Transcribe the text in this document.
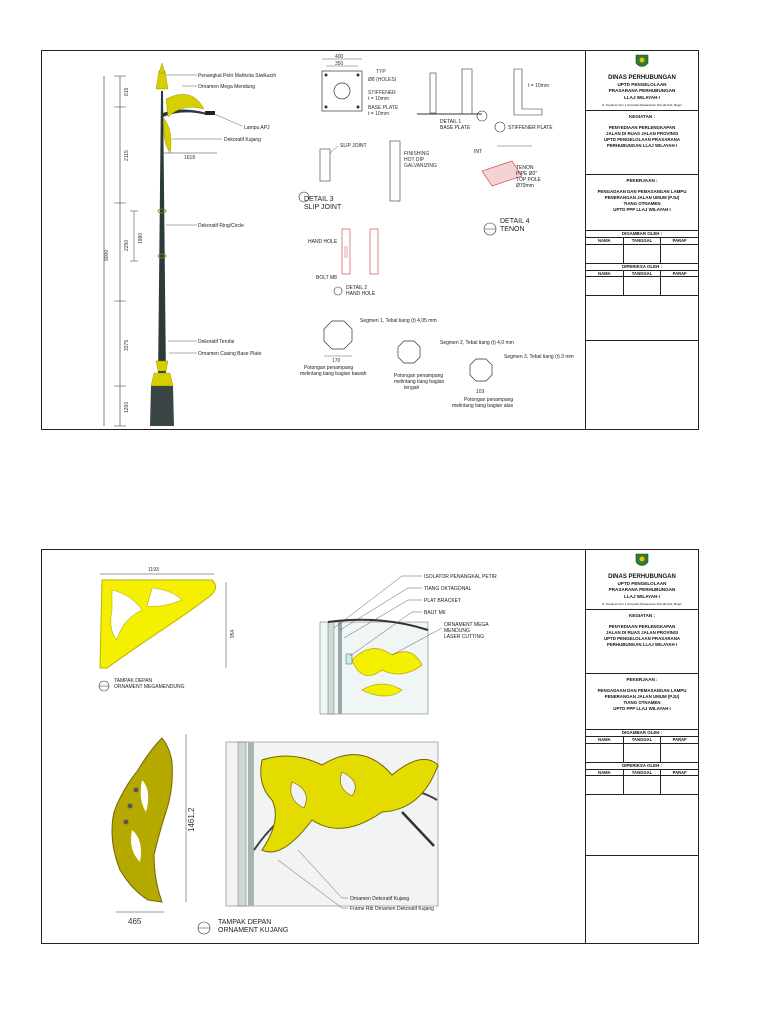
815
2115
2250
1980
9000
3375
1260
1618
Penangkal Petir Mahkota Siwikacih
Ornamen Mega Mendung
Lampu APJ
Dekoratif Kujang
Dekoratif Ring/Circle
Dekoratif Terufai
Ornamen Casing Base Plate
400
350
Ø8 (HOLES)
STIFFENER
t = 10mm
BASE PLATE
t = 10mm
TYP
DETAIL 1
BASE PLATE
t = 10mm
STIFFENER PLATE
SLIP JOINT
FINISHING
HOT DIP
GALVANIZING
DETAIL 3
SLIP JOINT
INT
TENON
PIPE Ø2"
TOP POLE
Ø70mm
DETAIL 4
TENON
HAND HOLE
BOLT M8
DETAIL 2
HAND HOLE
Segmen 1, Tebal tiang (t) 4,05 mm
170
Potongan penampang
melintang tiang bagian bawah
Segmen 2, Tebal tiang (t) 4,0 mm
Potongan penampang
melintang tiang bagian
tengah
Segmen 3, Tebal tiang (t) 3 mm
103
Potongan penampang
melintang tiang bagian atas
DINAS PERHUBUNGAN
UPTD PENGELOLAAN
PRASARANA PERHUBUNGAN
LLAJ WILAYAH I
Jl. Soydman Km 1 Komplek Perkantoran Pemda Kab. Bogor
KEGIATAN :
PENYEDIAAN PERLENGKAPAN
JALAN DI RUAS JALAN PROVINSI
UPTD PENGELOLAAN PRASARANA
PERHUBUNGAN LLAJ WILAYAH I
PEKERJAAN :
PENGADAAN DAN PEMASANGAN LAMPU
PENERANGAN JALAN UMUM (PJU)
TIANG OTNAMEN
UPTD PPP LLAJ WILAYAH I
DIGAMBAR OLEH :
NAMA	TANGGAL	PARAF
DIPERIKSA OLEH :
NAMA	TANGGAL	PARAF
1193
954
TAMPAK DEPAN
ORNAMENT MEGAMENDUNG
ISOLATOR PENANGKAL PETIR
TIANG OKTAGONAL
PLAT BRACKET
BAUT M6
ORNAMENT MEGA
MENDUNG
LASER CUTTING
1461,2
465
Ornamen Dekoratif Kujang
Frame Rib Ornamen Dekoratif Kujang
TAMPAK DEPAN
ORNAMENT KUJANG
DINAS PERHUBUNGAN
UPTD PENGELOLAAN
PRASARANA PERHUBUNGAN
LLAJ WILAYAH I
Jl. Soydman Km 1 Komplek Perkantoran Pemda Kab. Bogor
KEGIATAN :
PENYEDIAAN PERLENGKAPAN
JALAN DI RUAS JALAN PROVINSI
UPTD PENGELOLAAN PRASARANA
PERHUBUNGAN LLAJ WILAYAH I
PEKERJAAN :
PENGADAAN DAN PEMASANGAN LAMPU
PENERANGAN JALAN UMUM (PJU)
TIANG OTNAMEN
UPTD PPP LLAJ WILAYAH I
DIGAMBAR OLEH :
NAMA	TANGGAL	PARAF
DIPERIKSA OLEH :
NAMA	TANGGAL	PARAF
